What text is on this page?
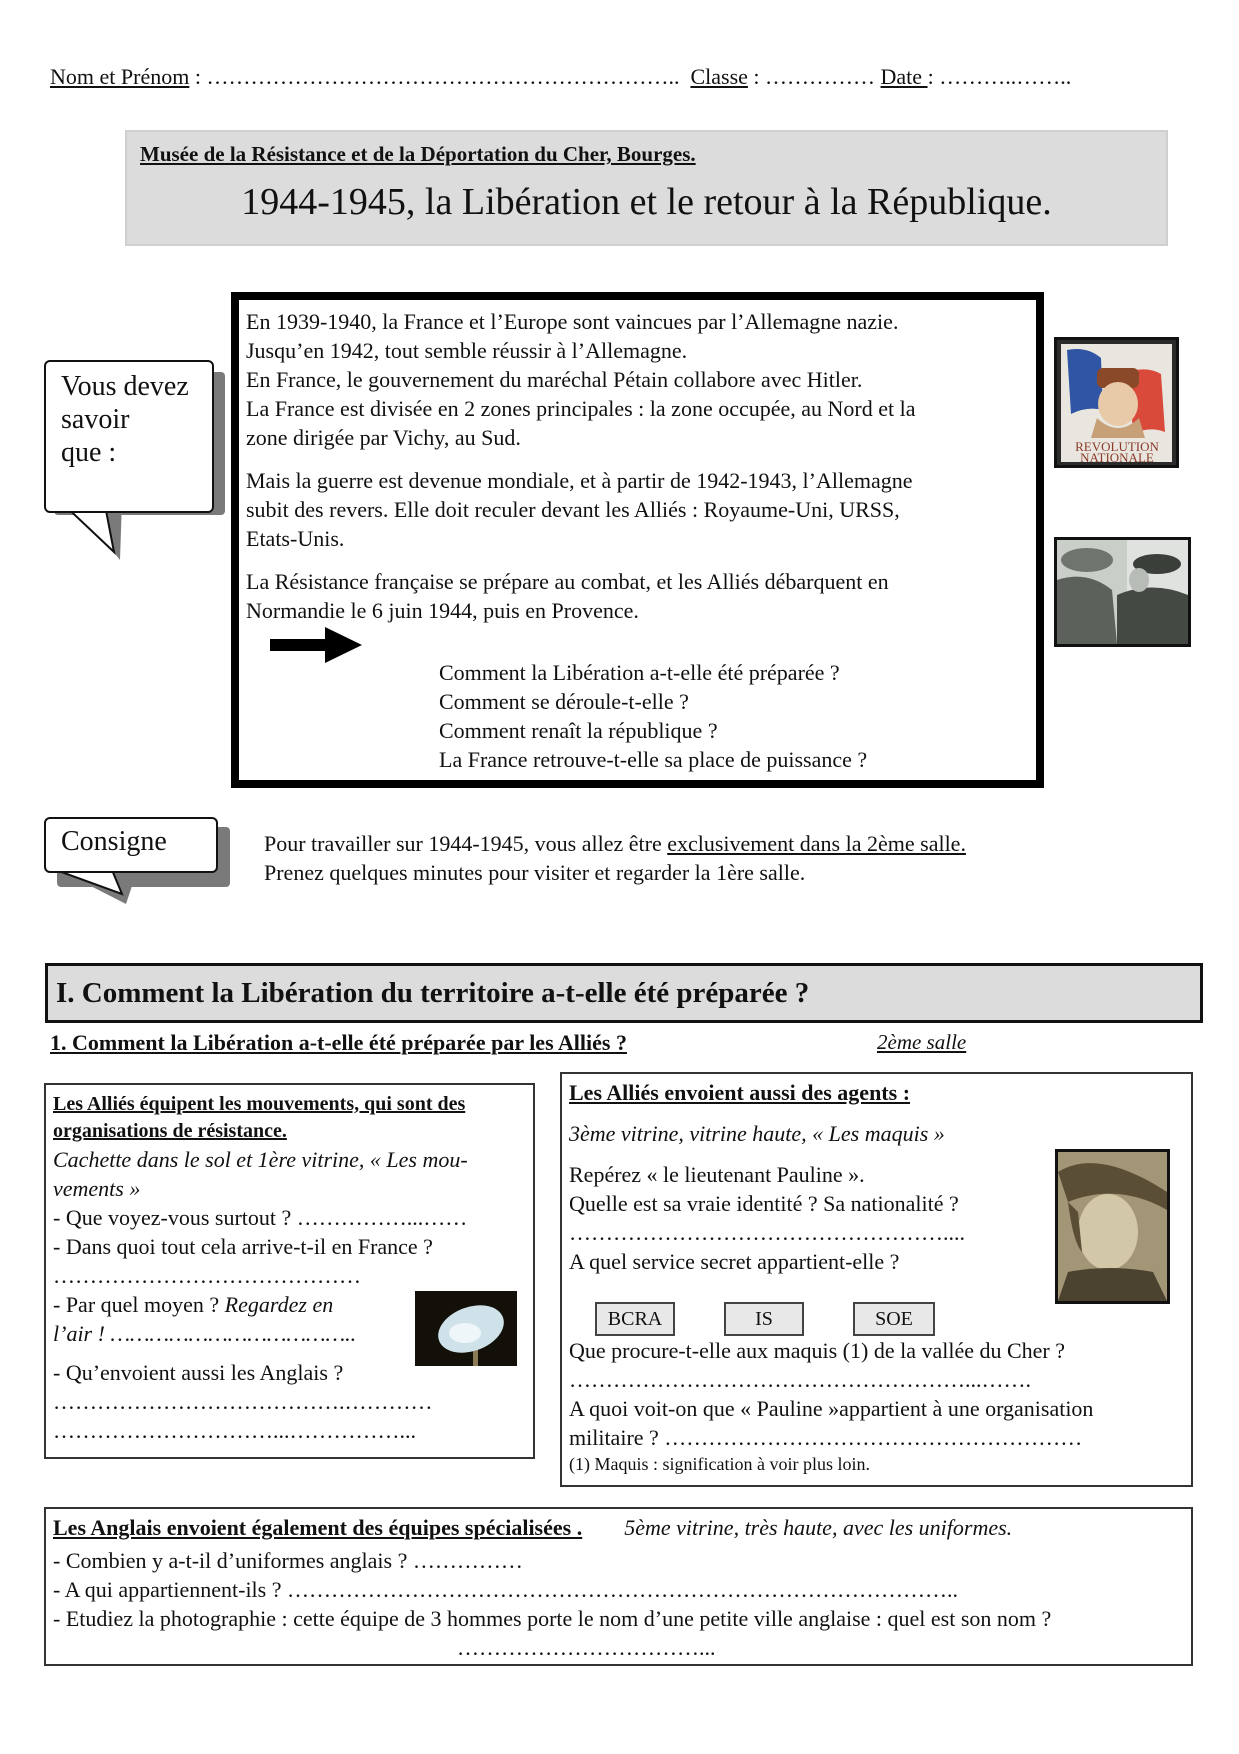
Nom et Prénom : ……………………………………………………….. Classe : …………… Date : ………..……..
Musée de la Résistance et de la Déportation du Cher, Bourges.
1944-1945, la Libération et le retour à la République.
Vous devez
savoir
que :

En 1939-1940, la France et l’Europe sont vaincues par l’Allemagne nazie.
Jusqu’en 1942, tout semble réussir à l’Allemagne.
En France, le gouvernement du maréchal Pétain collabore avec Hitler.
La France est divisée en 2 zones principales : la zone occupée, au Nord et la
zone dirigée par Vichy, au Sud.

Mais la guerre est devenue mondiale, et à partir de 1942-1943, l’Allemagne
subit des revers. Elle doit reculer devant les Alliés : Royaume-Uni, URSS,
Etats-Unis.

La Résistance française se prépare au combat, et les Alliés débarquent en
Normandie le 6 juin 1944, puis en Provence.

Comment la Libération a-t-elle été préparée ?
Comment se déroule-t-elle ?
Comment renaît la république ?
La France retrouve-t-elle sa place de puissance ?
REVOLUTION
NATIONALE
Consigne	Pour travailler sur 1944-1945, vous allez être exclusivement dans la 2ème salle.
Prenez quelques minutes pour visiter et regarder la 1ère salle.
I. Comment la Libération du territoire a-t-elle été préparée ?
1. Comment la Libération a-t-elle été préparée par les Alliés ?	2ème salle
Les Alliés équipent les mouvements, qui sont des
organisations de résistance.
Cachette dans le sol et 1ère vitrine, « Les mou-
vements »
- Que voyez-vous surtout ? ……………...……
- Dans quoi tout cela arrive-t-il en France ?
……………………………………
- Par quel moyen ? Regardez en
l’air ! ………………………………..
- Qu’envoient aussi les Anglais ?
………………………………….…………
…………………………...……………...
Les Alliés envoient aussi des agents :
3ème vitrine, vitrine haute, « Les maquis »
Repérez « le lieutenant Pauline ».
Quelle est sa vraie identité ? Sa nationalité ?
……………………………………………....
A quel service secret appartient-elle ?
BCRA	IS	SOE
Que procure-t-elle aux maquis (1) de la vallée du Cher ?
………………………………………………...…….
A quoi voit-on que « Pauline »appartient à une organisation
militaire ? …………………………………………………
(1) Maquis : signification à voir plus loin.
Les Anglais envoient également des équipes spécialisées . 5ème vitrine, très haute, avec les uniformes.
- Combien y a-t-il d’uniformes anglais ? ……………
- A qui appartiennent-ils ? ………………………………………………………………………………..
- Etudiez la photographie : cette équipe de 3 hommes porte le nom d’une petite ville anglaise : quel est son nom ?
……………………………...
